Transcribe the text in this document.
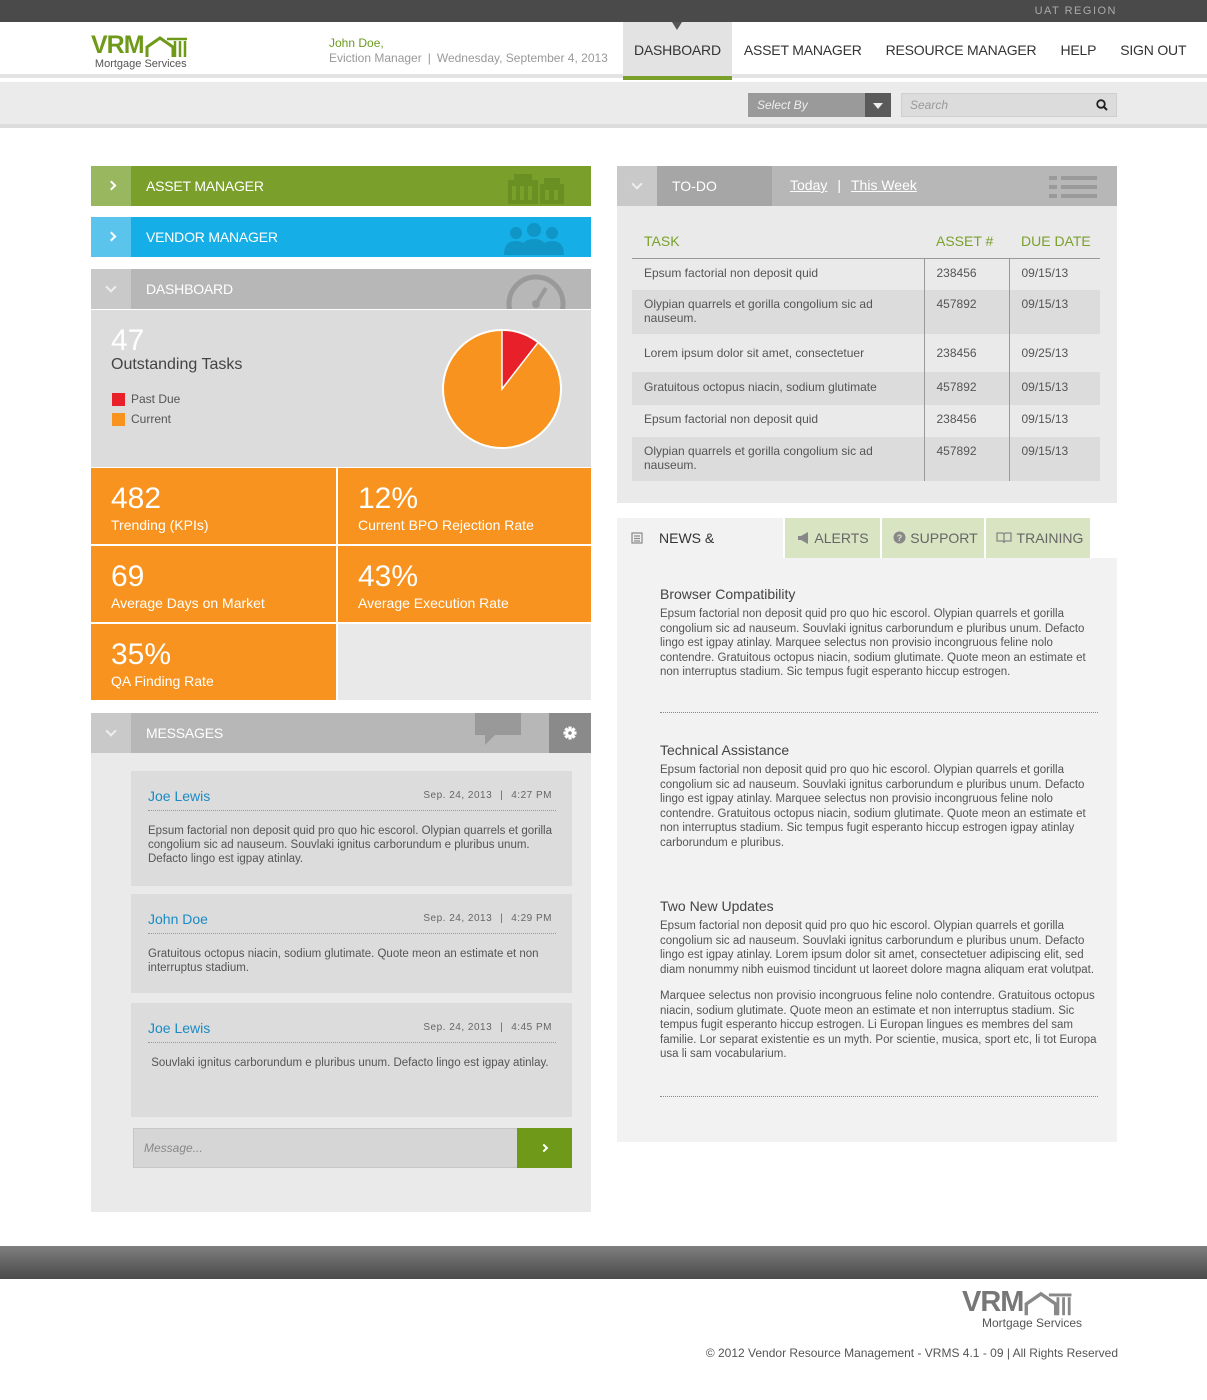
UAT REGION
VRM
Mortgage Services
John Doe,
Eviction Manager | Wednesday, September 4, 2013	DASHBOARD	ASSET MANAGER	RESOURCE MANAGER	HELP	SIGN OUT
Select By
Search
ASSET MANAGER
VENDOR MANAGER
DASHBOARD
47
Outstanding Tasks
Past Due
Current
482
Trending (KPIs)
12%
Current BPO Rejection Rate
69
Average Days on Market
43%
Average Execution Rate
35%
QA Finding Rate
MESSAGES
Joe Lewis	Sep. 24, 2013 | 4:27 PM
Epsum factorial non deposit quid pro quo hic escorol. Olypian quarrels et gorilla congolium sic ad nauseum. Souvlaki ignitus carborundum e pluribus unum. Defacto lingo est igpay atinlay.
John Doe	Sep. 24, 2013 | 4:29 PM
Gratuitous octopus niacin, sodium glutimate. Quote meon an estimate et non interruptus stadium.
Joe Lewis	Sep. 24, 2013 | 4:45 PM
Souvlaki ignitus carborundum e pluribus unum. Defacto lingo est igpay atinlay.
Message...
TO-DO	Today | This Week
TASK	ASSET #	DUE DATE
Epsum factorial non deposit quid	238456	09/15/13
Olypian quarrels et gorilla congolium sic ad nauseum.	457892	09/15/13
Lorem ipsum dolor sit amet, consectetuer	238456	09/25/13
Gratuitous octopus niacin, sodium glutimate	457892	09/15/13
Epsum factorial non deposit quid	238456	09/15/13
Olypian quarrels et gorilla congolium sic ad nauseum.	457892	09/15/13
NEWS &	ALERTS	? SUPPORT	TRAINING
Browser Compatibility
Epsum factorial non deposit quid pro quo hic escorol. Olypian quarrels et gorilla congolium sic ad nauseum. Souvlaki ignitus carborundum e pluribus unum. Defacto lingo est igpay atinlay. Marquee selectus non provisio incongruous feline nolo contendre. Gratuitous octopus niacin, sodium glutimate. Quote meon an estimate et non interruptus stadium. Sic tempus fugit esperanto hiccup estrogen.
Technical Assistance
Epsum factorial non deposit quid pro quo hic escorol. Olypian quarrels et gorilla congolium sic ad nauseum. Souvlaki ignitus carborundum e pluribus unum. Defacto lingo est igpay atinlay. Marquee selectus non provisio incongruous feline nolo contendre. Gratuitous octopus niacin, sodium glutimate. Quote meon an estimate et non interruptus stadium. Sic tempus fugit esperanto hiccup estrogen igpay atinlay carborundum e pluribus.
Two New Updates
Epsum factorial non deposit quid pro quo hic escorol. Olypian quarrels et gorilla congolium sic ad nauseum. Souvlaki ignitus carborundum e pluribus unum. Defacto lingo est igpay atinlay. Lorem ipsum dolor sit amet, consectetuer adipiscing elit, sed diam nonummy nibh euismod tincidunt ut laoreet dolore magna aliquam erat volutpat.
Marquee selectus non provisio incongruous feline nolo contendre. Gratuitous octopus niacin, sodium glutimate. Quote meon an estimate et non interruptus stadium. Sic tempus fugit esperanto hiccup estrogen. Li Europan lingues es membres del sam familie. Lor separat existentie es un myth. Por scientie, musica, sport etc, li tot Europa usa li sam vocabularium.
VRM
Mortgage Services
© 2012 Vendor Resource Management - VRMS 4.1 - 09 | All Rights Reserved
